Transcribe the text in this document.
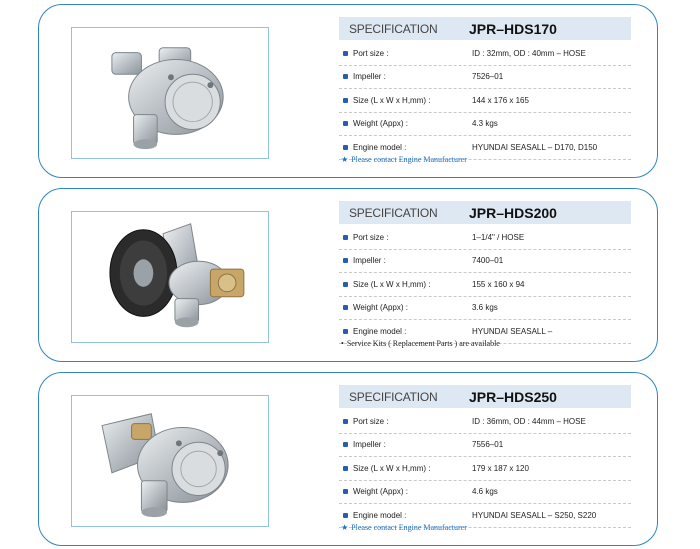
SPECIFICATION	JPR–HDS170
Port size :	ID : 32mm, OD : 40mm – HOSE
Impeller :	7526–01
Size (L x W x H,mm) :	144 x 176 x 165
Weight (Appx) :	4.3 kgs
Engine model :	HYUNDAI SEASALL – D170, D150
★ Please contact Engine Manufacturer
SPECIFICATION	JPR–HDS200
Port size :	1–1/4" / HOSE
Impeller :	7400–01
Size (L x W x H,mm) :	155 x 160 x 94
Weight (Appx) :	3.6 kgs
Engine model :	HYUNDAI SEASALL –
• Service Kits ( Replacement Parts ) are available
SPECIFICATION	JPR–HDS250
Port size :	ID : 36mm, OD : 44mm – HOSE
Impeller :	7556–01
Size (L x W x H,mm) :	179 x 187 x 120
Weight (Appx) :	4.6 kgs
Engine model :	HYUNDAI SEASALL – S250, S220
★ Please contact Engine Manufacturer
